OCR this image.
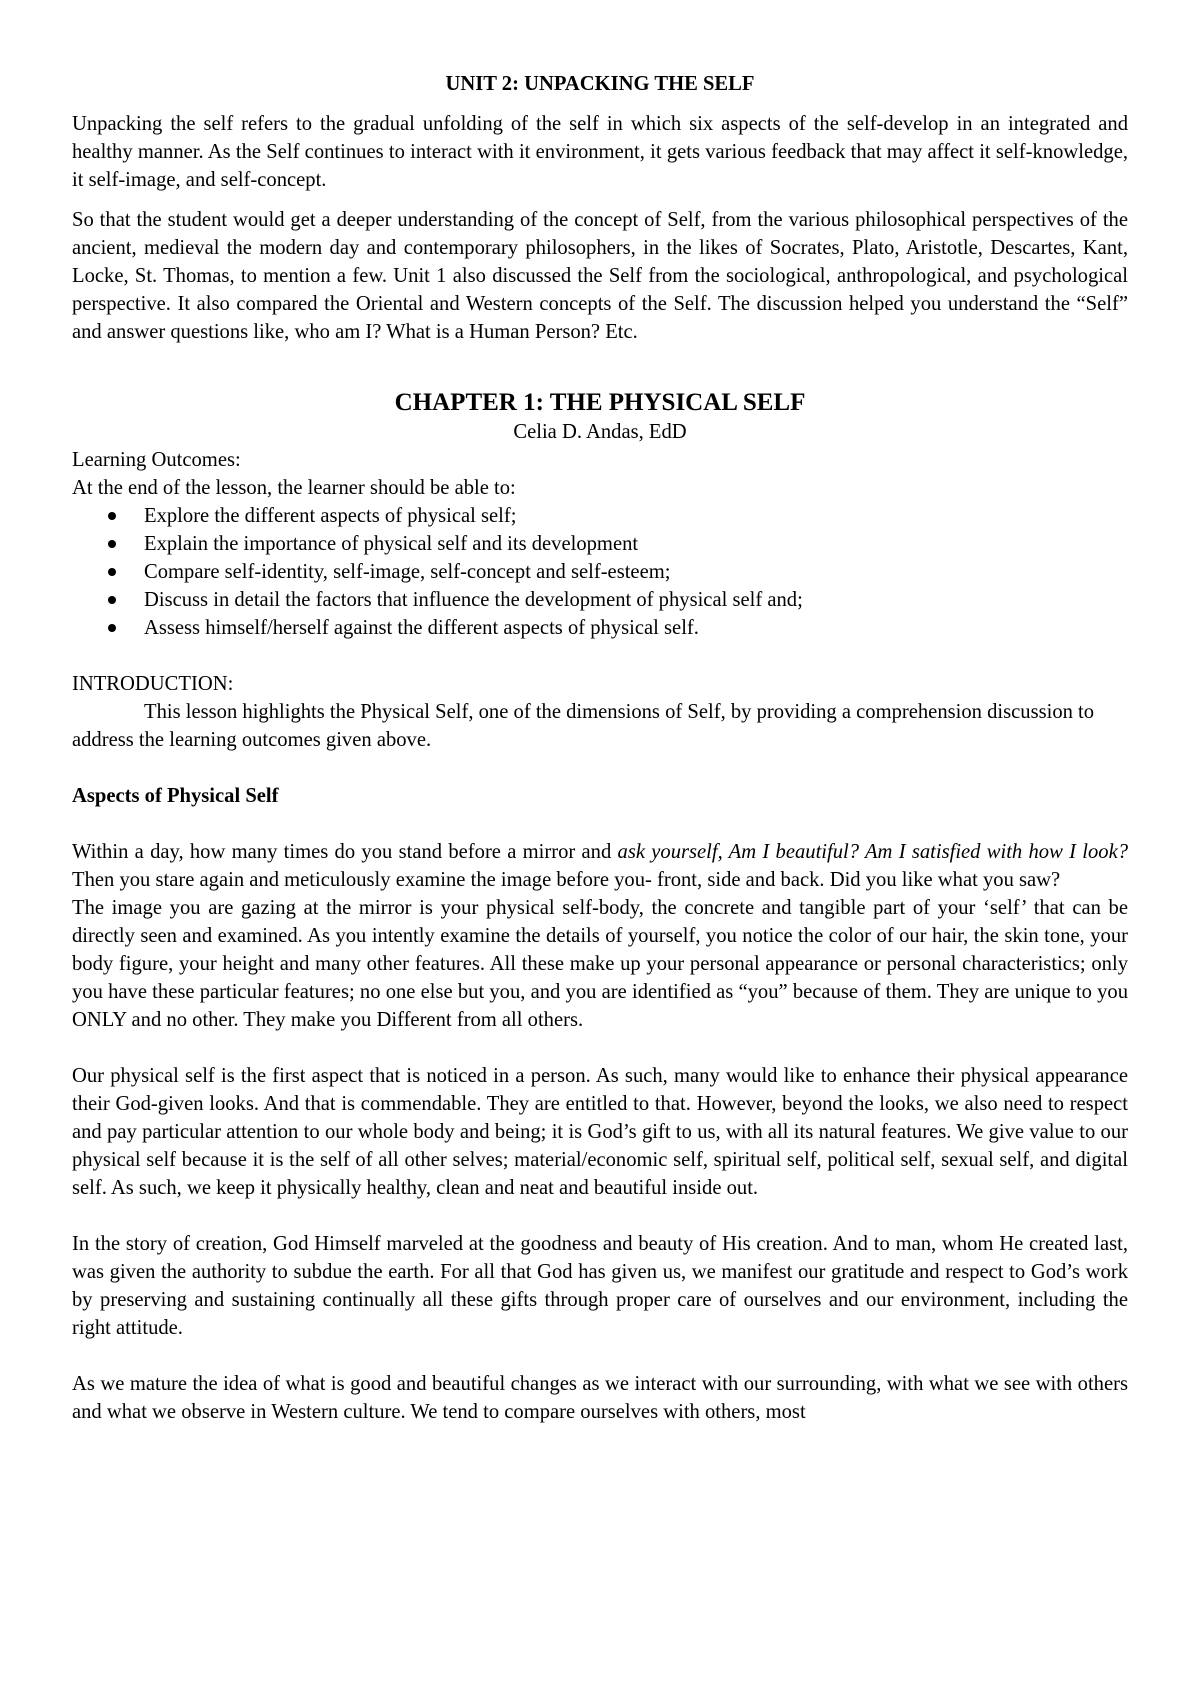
UNIT 2: UNPACKING THE SELF

Unpacking the self refers to the gradual unfolding of the self in which six aspects of the self-develop in an integrated and healthy manner. As the Self continues to interact with it environment, it gets various feedback that may affect it self-knowledge, it self-image, and self-concept.

So that the student would get a deeper understanding of the concept of Self, from the various philosophical perspectives of the ancient, medieval the modern day and contemporary philosophers, in the likes of Socrates, Plato, Aristotle, Descartes, Kant, Locke, St. Thomas, to mention a few. Unit 1 also discussed the Self from the sociological, anthropological, and psychological perspective. It also compared the Oriental and Western concepts of the Self. The discussion helped you understand the “Self” and answer questions like, who am I? What is a Human Person? Etc.

CHAPTER 1: THE PHYSICAL SELF

Celia D. Andas, EdD

Learning Outcomes:

At the end of the lesson, the learner should be able to:

Explore the different aspects of physical self;
Explain the importance of physical self and its development
Compare self-identity, self-image, self-concept and self-esteem;
Discuss in detail the factors that influence the development of physical self and;
Assess himself/herself against the different aspects of physical self.

INTRODUCTION:

This lesson highlights the Physical Self, one of the dimensions of Self, by providing a comprehension discussion to address the learning outcomes given above.

Aspects of Physical Self

Within a day, how many times do you stand before a mirror and ask yourself, Am I beautiful? Am I satisfied with how I look? Then you stare again and meticulously examine the image before you- front, side and back. Did you like what you saw?

The image you are gazing at the mirror is your physical self-body, the concrete and tangible part of your ‘self’ that can be directly seen and examined. As you intently examine the details of yourself, you notice the color of our hair, the skin tone, your body figure, your height and many other features. All these make up your personal appearance or personal characteristics; only you have these particular features; no one else but you, and you are identified as “you” because of them. They are unique to you ONLY and no other. They make you Different from all others.

Our physical self is the first aspect that is noticed in a person. As such, many would like to enhance their physical appearance their God-given looks. And that is commendable. They are entitled to that. However, beyond the looks, we also need to respect and pay particular attention to our whole body and being; it is God’s gift to us, with all its natural features. We give value to our physical self because it is the self of all other selves; material/economic self, spiritual self, political self, sexual self, and digital self. As such, we keep it physically healthy, clean and neat and beautiful inside out.

In the story of creation, God Himself marveled at the goodness and beauty of His creation. And to man, whom He created last, was given the authority to subdue the earth. For all that God has given us, we manifest our gratitude and respect to God’s work by preserving and sustaining continually all these gifts through proper care of ourselves and our environment, including the right attitude.

As we mature the idea of what is good and beautiful changes as we interact with our surrounding, with what we see with others and what we observe in Western culture. We tend to compare ourselves with others, most
